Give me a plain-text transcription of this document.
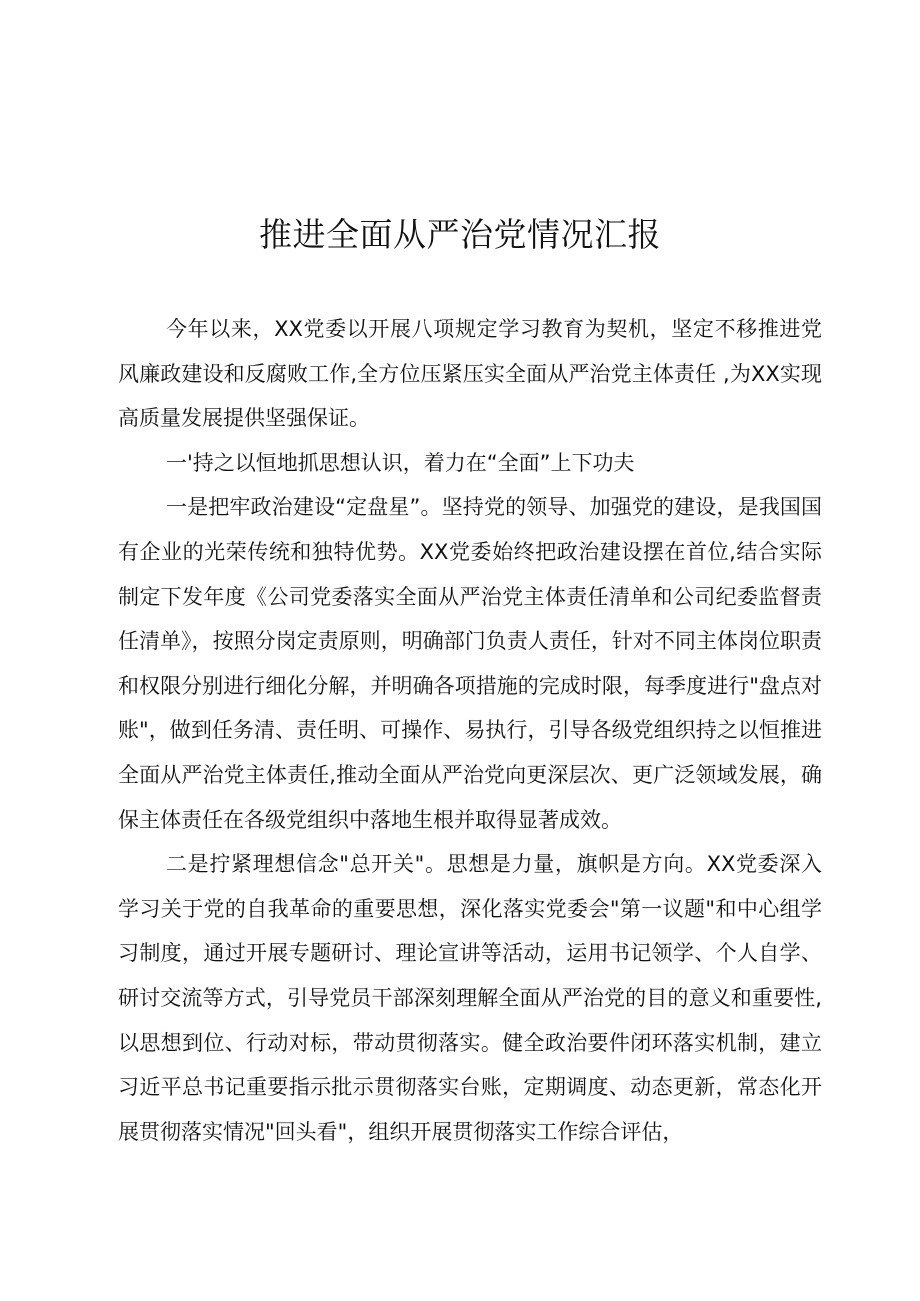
推进全面从严治党情况汇报

今年以来，XX党委以开展八项规定学习教育为契机，坚定不移推进党风廉政建设和反腐败工作,全方位压紧压实全面从严治党主体责任 ,为XX实现高质量发展提供坚强保证。

一'持之以恒地抓思想认识，着力在“全面”上下功夫

一是把牢政治建设“定盘星”。坚持党的领导、加强党的建设，是我国国有企业的光荣传统和独特优势。XX党委始终把政治建设摆在首位,结合实际制定下发年度《公司党委落实全面从严治党主体责任清单和公司纪委监督责任清单》，按照分岗定责原则，明确部门负责人责任，针对不同主体岗位职责和权限分别进行细化分解，并明确各项措施的完成时限，每季度进行"盘点对账"，做到任务清、责任明、可操作、易执行，引导各级党组织持之以恒推进全面从严治党主体责任,推动全面从严治党向更深层次、更广泛领域发展，确保主体责任在各级党组织中落地生根并取得显著成效。

二是拧紧理想信念"总开关"。思想是力量，旗帜是方向。XX党委深入学习关于党的自我革命的重要思想，深化落实党委会"第一议题"和中心组学习制度，通过开展专题研讨、理论宣讲等活动，运用书记领学、个人自学、研讨交流等方式，引导党员干部深刻理解全面从严治党的目的意义和重要性,以思想到位、行动对标，带动贯彻落实。健全政治要件闭环落实机制，建立习近平总书记重要指示批示贯彻落实台账，定期调度、动态更新，常态化开展贯彻落实情况"回头看"，组织开展贯彻落实工作综合评估，
